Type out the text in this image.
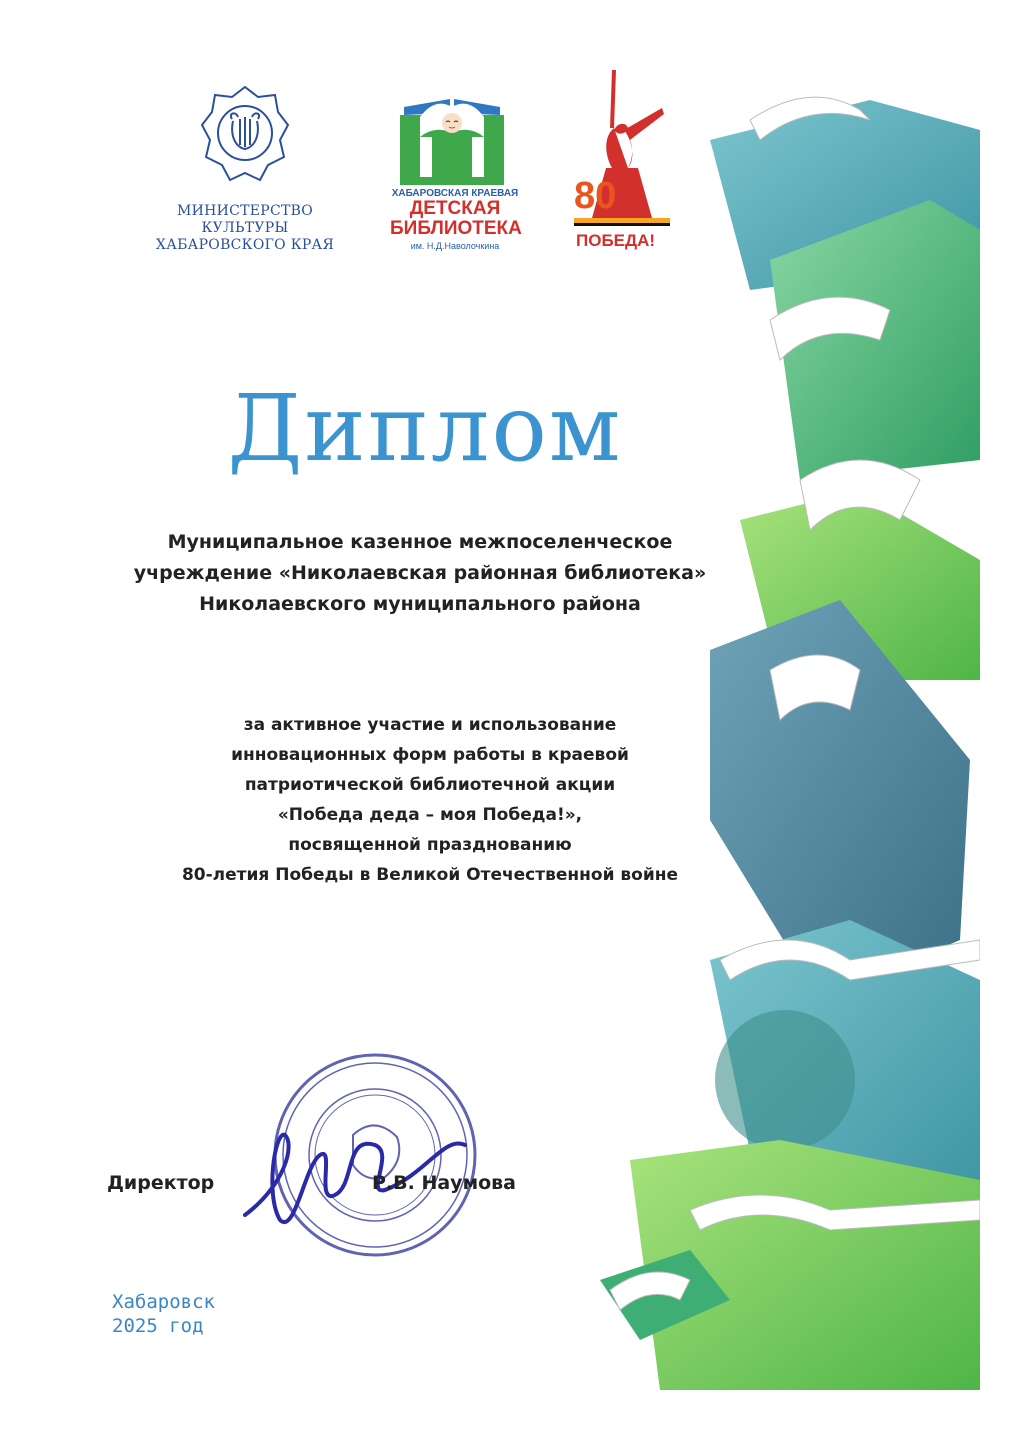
МИНИСТЕРСТВО КУЛЬТУРЫ
ХАБАРОВСКОГО КРАЯ
ХАБАРОВСКАЯ КРАЕВАЯ
ДЕТСКАЯ
БИБЛИОТЕКА
им. Н.Д.Наволочкина
80
ПОБЕДА!
Диплом
Муниципальное казенное межпоселенческое
учреждение «Николаевская районная библиотека»
Николаевского муниципального района
за активное участие и использование
инновационных форм работы в краевой
патриотической библиотечной акции
«Победа деда – моя Победа!»,
посвященной празднованию
80-летия Победы в Великой Отечественной войне
Директор	Р.В. Наумова
Хабаровск
2025 год
